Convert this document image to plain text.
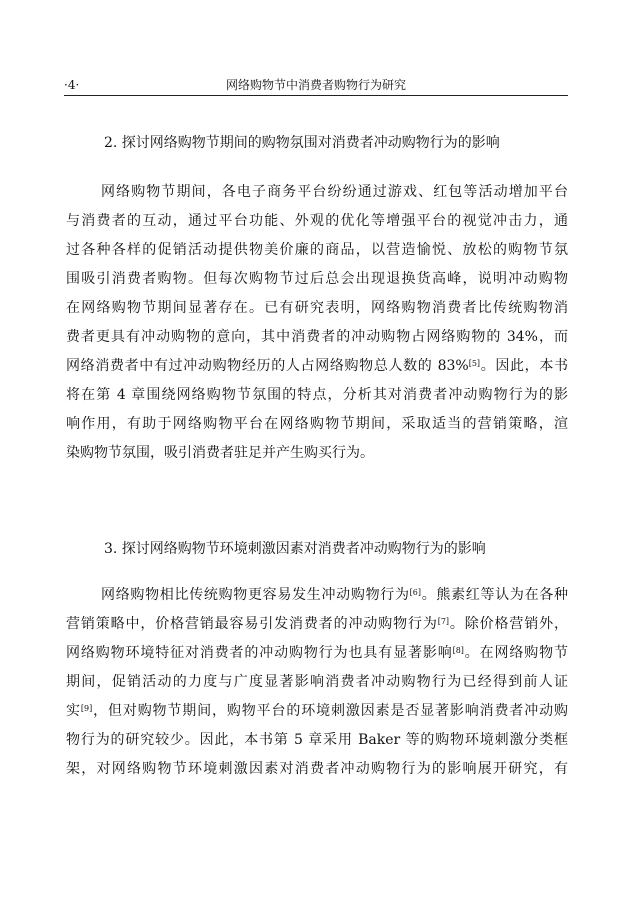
·4·	网络购物节中消费者购物行为研究
2. 探讨网络购物节期间的购物氛围对消费者冲动购物行为的影响
网络购物节期间，各电子商务平台纷纷通过游戏、红包等活动增加平台
与消费者的互动，通过平台功能、外观的优化等增强平台的视觉冲击力，通
过各种各样的促销活动提供物美价廉的商品，以营造愉悦、放松的购物节氛
围吸引消费者购物。但每次购物节过后总会出现退换货高峰，说明冲动购物
在网络购物节期间显著存在。已有研究表明，网络购物消费者比传统购物消
费者更具有冲动购物的意向，其中消费者的冲动购物占网络购物的 34%，而
网络消费者中有过冲动购物经历的人占网络购物总人数的 83%[5]。因此，本书
将在第 4 章围绕网络购物节氛围的特点，分析其对消费者冲动购物行为的影
响作用，有助于网络购物平台在网络购物节期间，采取适当的营销策略，渲
染购物节氛围，吸引消费者驻足并产生购买行为。
3. 探讨网络购物节环境刺激因素对消费者冲动购物行为的影响
网络购物相比传统购物更容易发生冲动购物行为[6]。熊素红等认为在各种
营销策略中，价格营销最容易引发消费者的冲动购物行为[7]。除价格营销外，
网络购物环境特征对消费者的冲动购物行为也具有显著影响[8]。在网络购物节
期间，促销活动的力度与广度显著影响消费者冲动购物行为已经得到前人证
实[9]，但对购物节期间，购物平台的环境刺激因素是否显著影响消费者冲动购
物行为的研究较少。因此，本书第 5 章采用 Baker 等的购物环境刺激分类框
架，对网络购物节环境刺激因素对消费者冲动购物行为的影响展开研究，有
